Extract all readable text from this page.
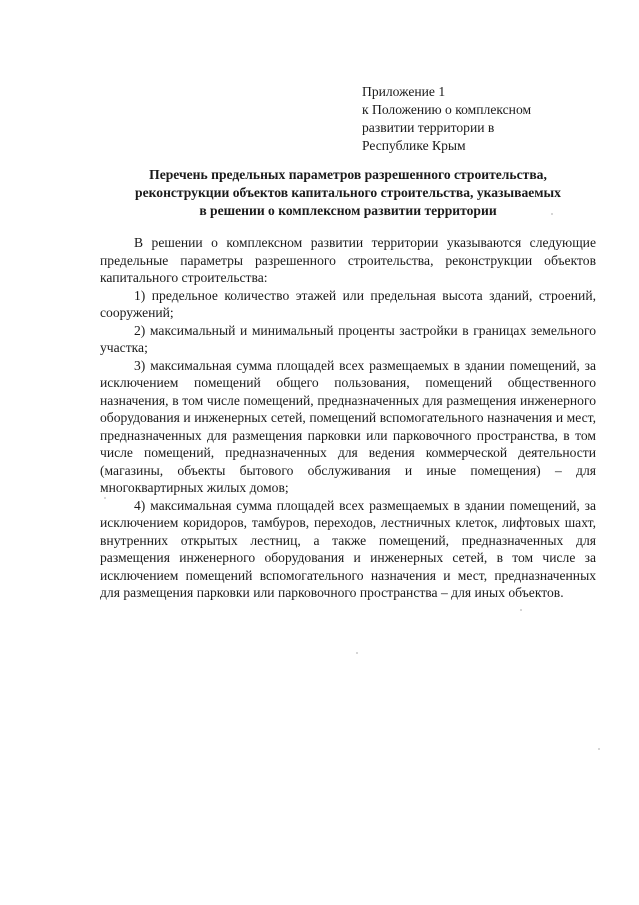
Приложение 1
к Положению о комплексном
развитии территории в
Республике Крым
Перечень предельных параметров разрешенного строительства,
реконструкции объектов капитального строительства, указываемых
в решении о комплексном развитии территории

В решении о комплексном развитии территории указываются следующие предельные параметры разрешенного строительства, реконструкции объектов капитального строительства:

1) предельное количество этажей или предельная высота зданий, строений, сооружений;

2) максимальный и минимальный проценты застройки в границах земельного участка;

3) максимальная сумма площадей всех размещаемых в здании помещений, за исключением помещений общего пользования, помещений общественного назначения, в том числе помещений, предназначенных для размещения инженерного оборудования и инженерных сетей, помещений вспомогательного назначения и мест, предназначенных для размещения парковки или парковочного пространства, в том числе помещений, предназначенных для ведения коммерческой деятельности (магазины, объекты бытового обслуживания и иные помещения) – для многоквартирных жилых домов;

4) максимальная сумма площадей всех размещаемых в здании помещений, за исключением коридоров, тамбуров, переходов, лестничных клеток, лифтовых шахт, внутренних открытых лестниц, а также помещений, предназначенных для размещения инженерного оборудования и инженерных сетей, в том числе за исключением помещений вспомогательного назначения и мест, предназначенных для размещения парковки или парковочного пространства – для иных объектов.
